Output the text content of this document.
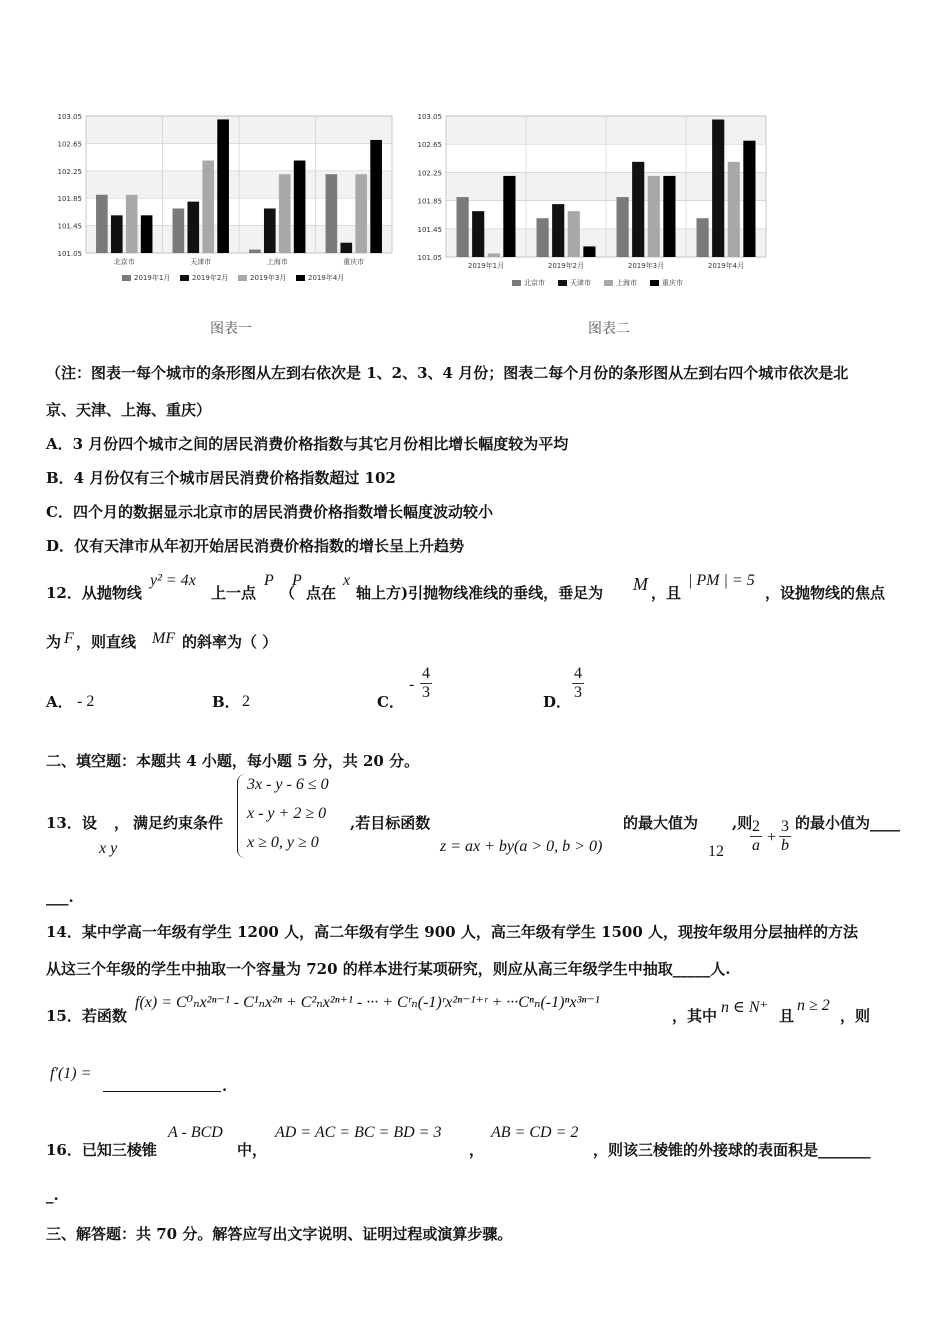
103.05
102.65
102.25
101.85
101.45
101.05
北京市	天津市	上海市	重庆市
2019年1月	2019年2月	2019年3月	2019年4月
图表一
103.05
102.65
102.25
101.85
101.45
101.05
2019年1月	2019年2月	2019年3月	2019年4月
北京市	天津市	上海市	重庆市
图表二
（注：图表一每个城市的条形图从左到右依次是 1、2、3、4 月份；图表二每个月份的条形图从左到右四个城市依次是北
京、天津、上海、重庆）
A．3 月份四个城市之间的居民消费价格指数与其它月份相比增长幅度较为平均
B．4 月份仅有三个城市居民消费价格指数超过 102
C．四个月的数据显示北京市的居民消费价格指数增长幅度波动较小
D．仅有天津市从年初开始居民消费价格指数的增长呈上升趋势
12．从抛物线
y² = 4x
上一点
P
（
P
点在
x
轴上方)引抛物线准线的垂线，垂足为 M ，且
| PM | = 5
，设抛物线的焦点
为 F ，则直线 MF 的斜率为（ ）
A． - 2	B． 2	C．
- $\frac{4}{3}$	D． $\frac{4}{3}$
二、填空题：本题共 4 小题，每小题 5 分，共 20 分。
13．设 ， 满足约束条件
x y
3x - y - 6 ≤ 0
x - y + 2 ≥ 0
x ≥ 0, y ≥ 0
,若目标函数
z = ax + by(a > 0, b > 0)
的最大值为
12
,则
$\frac{2}{a} + \frac{3}{b}$ 的最小值为____
___.
14．某中学高一年级有学生 1200 人，高二年级有学生 900 人，高三年级有学生 1500 人，现按年级用分层抽样的方法
从这三个年级的学生中抽取一个容量为 720 的样本进行某项研究，则应从高三年级学生中抽取_____人.
15．若函数
f(x) = C⁰ₙx²ⁿ⁻¹ - C¹ₙx²ⁿ + C²ₙx²ⁿ⁺¹ - ··· + Cʳₙ(-1)ʳx²ⁿ⁻¹⁺ʳ + ···Cⁿₙ(-1)ⁿx³ⁿ⁻¹
，其中 n ∈ N⁺ 且
n ≥ 2
，则
f′(1) =
.
16．已知三棱锥
A - BCD
中，
AD = AC = BC = BD = 3
，
AB = CD = 2
，则该三棱锥的外接球的表面积是_______
_.
三、解答题：共 70 分。解答应写出文字说明、证明过程或演算步骤。
